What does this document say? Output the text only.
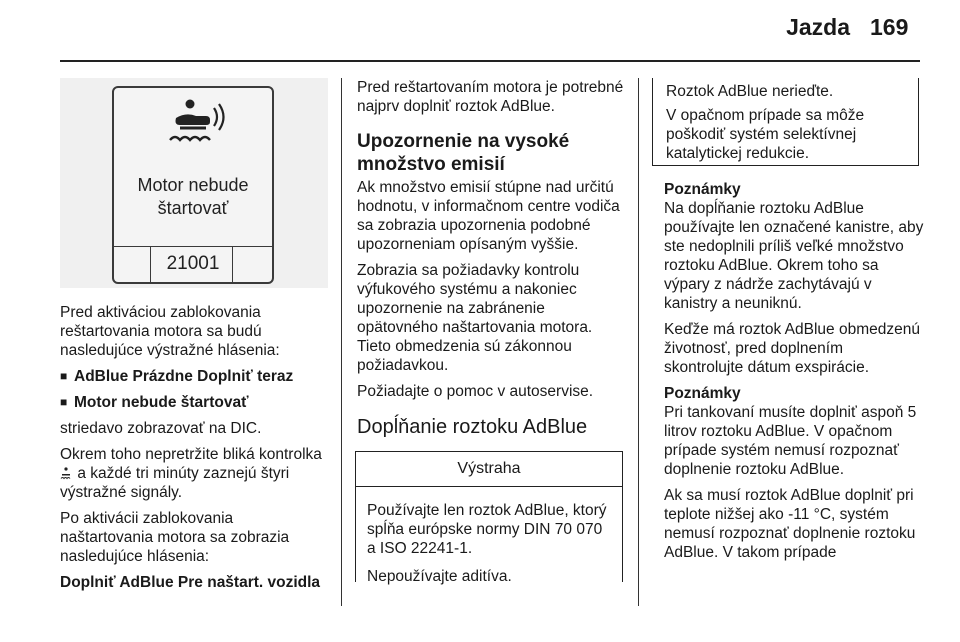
Jazda 169
Motor nebude
štartovať
21001

Pred aktiváciou zablokovania reštartovania motora sa budú nasledujúce výstražné hlásenia:

■ AdBlue Prázdne Doplniť teraz
■ Motor nebude štartovať

striedavo zobrazovať na DIC.

Okrem toho nepretržite bliká kontrolka  a každé tri minúty zaznejú štyri výstražné signály.

Po aktivácii zablokovania naštartovania motora sa zobrazia nasledujúce hlásenia:

Doplniť AdBlue Pre naštart. vozidla

Pred reštartovaním motora je potrebné najprv doplniť roztok AdBlue.

Upozornenie na vysoké množstvo emisií

Ak množstvo emisií stúpne nad určitú hodnotu, v informačnom centre vodiča sa zobrazia upozornenia podobné upozorneniam opísaným vyššie.

Zobrazia sa požiadavky kontrolu výfukového systému a nakoniec upozornenie na zabránenie opätovného naštartovania motora. Tieto obmedzenia sú zákonnou požiadavkou.

Požiadajte o pomoc v autoservise.

Dopĺňanie roztoku AdBlue
Výstraha

Používajte len roztok AdBlue, ktorý spĺňa európske normy DIN 70 070 a ISO 22241-1.

Nepoužívajte aditíva.

Roztok AdBlue nerieďte.

V opačnom prípade sa môže poškodiť systém selektívnej katalytickej redukcie.

Poznámky

Na dopĺňanie roztoku AdBlue používajte len označené kanistre, aby ste nedoplnili príliš veľké množstvo roztoku AdBlue. Okrem toho sa výpary z nádrže zachytávajú v kanistry a neuniknú.

Keďže má roztok AdBlue obmedzenú životnosť, pred doplnením skontrolujte dátum exspirácie.

Poznámky

Pri tankovaní musíte doplniť aspoň 5 litrov roztoku AdBlue. V opačnom prípade systém nemusí rozpoznať doplnenie roztoku AdBlue.

Ak sa musí roztok AdBlue doplniť pri teplote nižšej ako -11 °C, systém nemusí rozpoznať doplnenie roztoku AdBlue. V takom prípade
